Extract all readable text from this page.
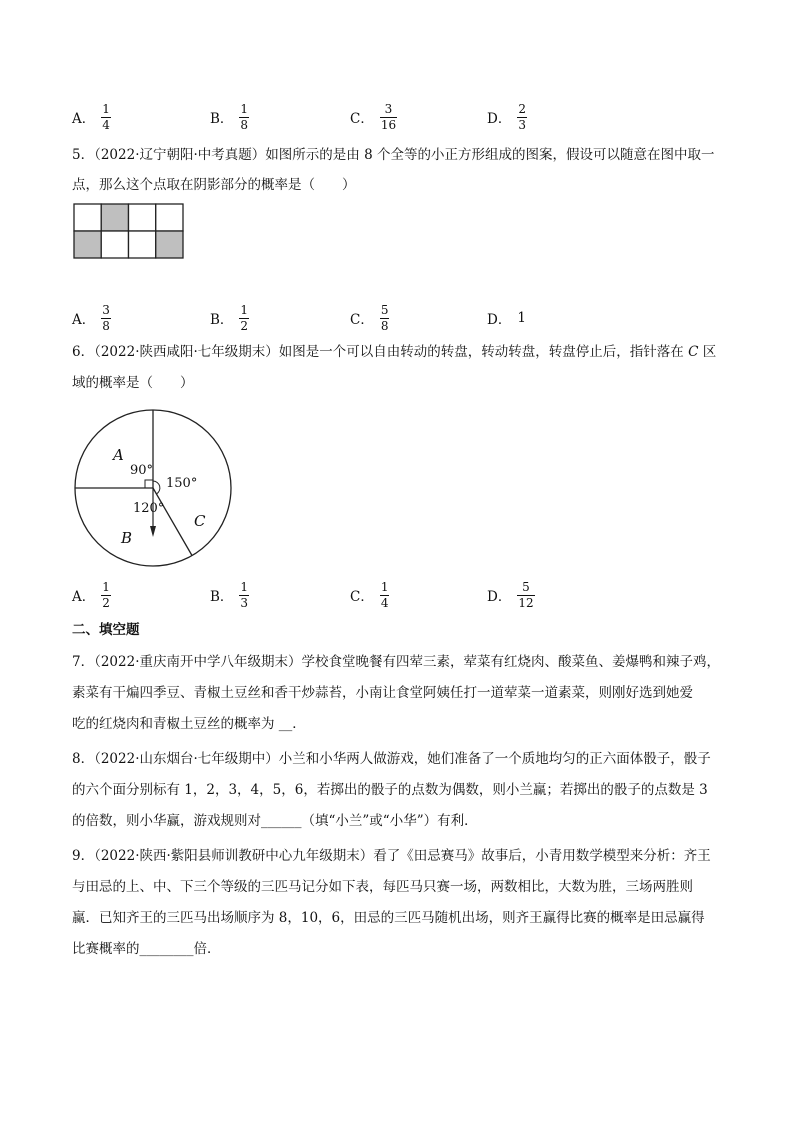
A． $\frac{1}{4}$	B． $\frac{1}{8}$	C． $\frac{3}{16}$	D． $\frac{2}{3}$
5．（2022·辽宁朝阳·中考真题）如图所示的是由 8 个全等的小正方形组成的图案，假设可以随意在图中取一
点，那么这个点取在阴影部分的概率是（　　）
A． $\frac{3}{8}$	B． $\frac{1}{2}$	C． $\frac{5}{8}$	D． 1
6．（2022·陕西咸阳·七年级期末）如图是一个可以自由转动的转盘，转动转盘，转盘停止后，指针落在 C 区
域的概率是（　　）
A
90°
150°
120°
B
C
A． $\frac{1}{2}$	B． $\frac{1}{3}$	C． $\frac{1}{4}$	D． $\frac{5}{12}$
二、填空题
7．（2022·重庆南开中学八年级期末）学校食堂晚餐有四荤三素，荤菜有红烧肉、酸菜鱼、姜爆鸭和辣子鸡，
素菜有干煸四季豆、青椒土豆丝和香干炒蒜苔，小南让食堂阿姨任打一道荤菜一道素菜，则刚好选到她爱
吃的红烧肉和青椒土豆丝的概率为 __．
8．（2022·山东烟台·七年级期中）小兰和小华两人做游戏，她们准备了一个质地均匀的正六面体骰子，骰子
的六个面分别标有 1，2，3，4，5，6，若掷出的骰子的点数为偶数，则小兰赢；若掷出的骰子的点数是 3
的倍数，则小华赢，游戏规则对______（填“小兰”或“小华”）有利．
9．（2022·陕西·紫阳县师训教研中心九年级期末）看了《田忌赛马》故事后，小青用数学模型来分析：齐王
与田忌的上、中、下三个等级的三匹马记分如下表，每匹马只赛一场，两数相比，大数为胜，三场两胜则
赢．已知齐王的三匹马出场顺序为 8，10，6，田忌的三匹马随机出场，则齐王赢得比赛的概率是田忌赢得
比赛概率的________倍．
